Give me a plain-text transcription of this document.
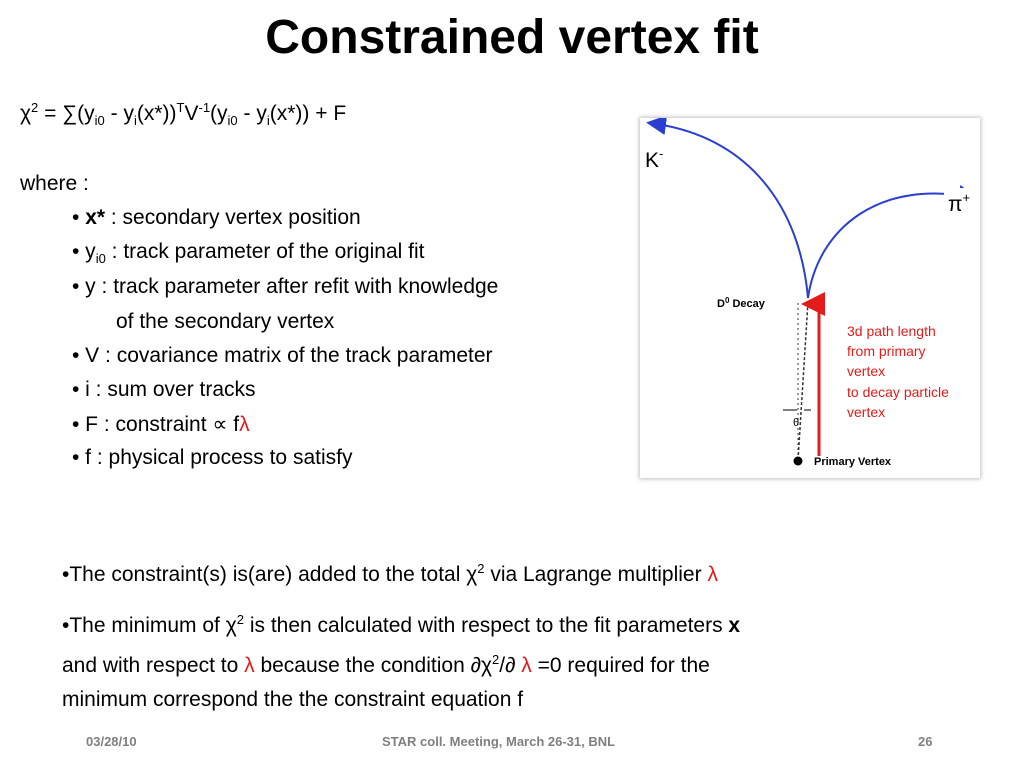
Constrained vertex fit
$\chi^2 = \sum(y_{i0} - y_i(x*))^TV^{-1}(y_{i0} - y_i(x*)) + F$
where :
• x* : secondary vertex position
• $y_{i0}$ : track parameter of the original fit
• y : track parameter after refit with knowledge
of the secondary vertex
• V : covariance matrix of the track parameter
• i : sum over tracks
• F : constraint ∝ fλ
• f : physical process to satisfy
•The constraint(s) is(are) added to the total $\chi^2$ via Lagrange multiplier λ
•The minimum of $\chi^2$ is then calculated with respect to the fit parameters x
and with respect to λ because the condition $\partial\chi^2/\partial$ λ =0 required for the
minimum correspond the the constraint equation f
θ
$D^0$ Decay
Primary Vertex
K-
π+
3d path length
from primary
vertex
to decay particle
vertex
03/28/10	STAR coll. Meeting, March 26-31, BNL	26
